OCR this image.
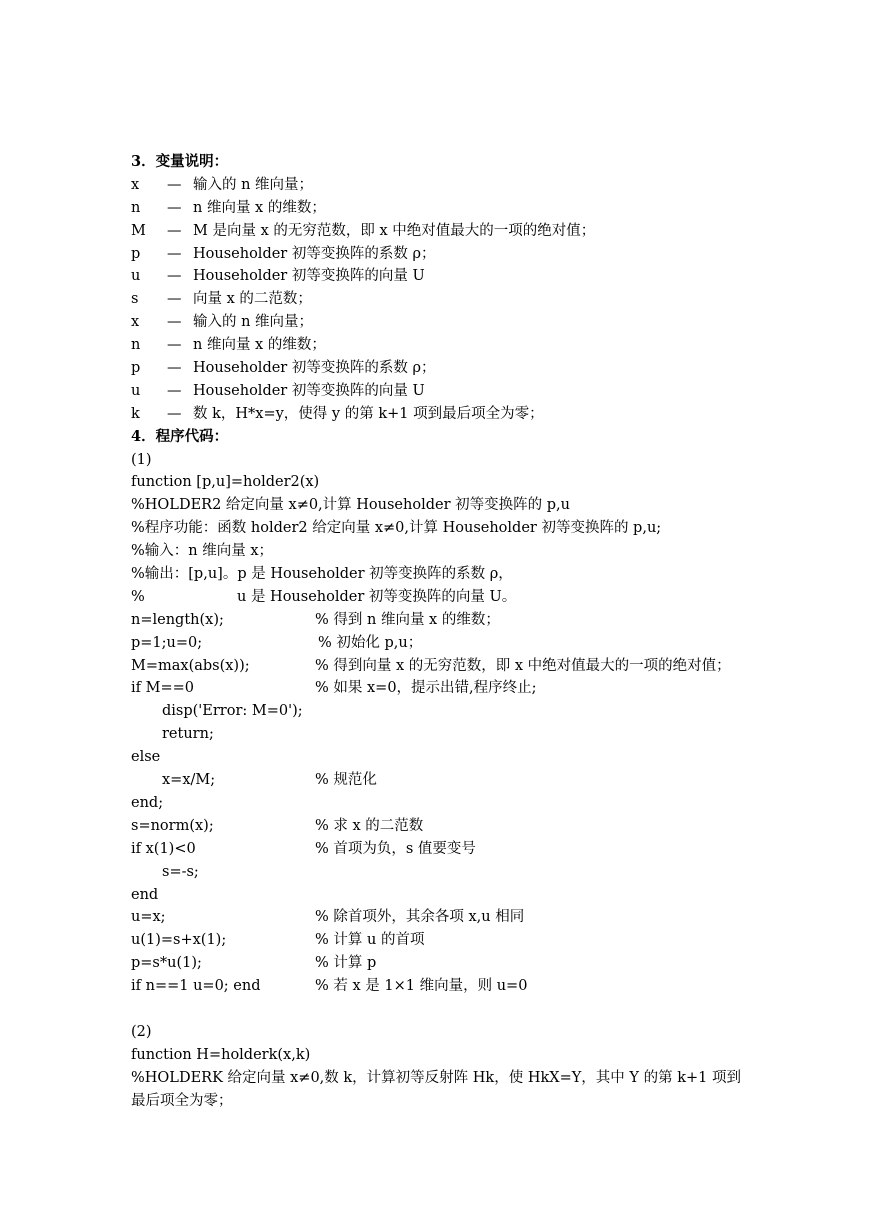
3．变量说明：
x — 输入的 n 维向量；
n — n 维向量 x 的维数；
M — M 是向量 x 的无穷范数，即 x 中绝对值最大的一项的绝对值；
p — Householder 初等变换阵的系数 ρ；
u — Householder 初等变换阵的向量 U
s — 向量 x 的二范数；
x — 输入的 n 维向量；
n — n 维向量 x 的维数；
p — Householder 初等变换阵的系数 ρ；
u — Householder 初等变换阵的向量 U
k — 数 k，H*x=y，使得 y 的第 k+1 项到最后项全为零；
4．程序代码：
(1)
function [p,u]=holder2(x)
%HOLDER2 给定向量 x≠0,计算 Householder 初等变换阵的 p,u
%程序功能：函数 holder2 给定向量 x≠0,计算 Householder 初等变换阵的 p,u;
%输入：n 维向量 x；
%输出：[p,u]。p 是 Householder 初等变换阵的系数 ρ，
%	u 是 Householder 初等变换阵的向量 U。
n=length(x);	% 得到 n 维向量 x 的维数；
p=1;u=0;	% 初始化 p,u；
M=max(abs(x));	% 得到向量 x 的无穷范数，即 x 中绝对值最大的一项的绝对值；
if M==0	% 如果 x=0，提示出错,程序终止;
disp('Error: M=0');
return;
else
x=x/M;	% 规范化
end;
s=norm(x);	% 求 x 的二范数
if x(1)<0	% 首项为负，s 值要变号
s=-s;
end
u=x;	% 除首项外，其余各项 x,u 相同
u(1)=s+x(1);	% 计算 u 的首项
p=s*u(1);	% 计算 p
if n==1 u=0; end	% 若 x 是 1×1 维向量，则 u=0
(2)
function H=holderk(x,k)
%HOLDERK 给定向量 x≠0,数 k，计算初等反射阵 Hk，使 HkX=Y，其中 Y 的第 k+1 项到最后项全为零；
